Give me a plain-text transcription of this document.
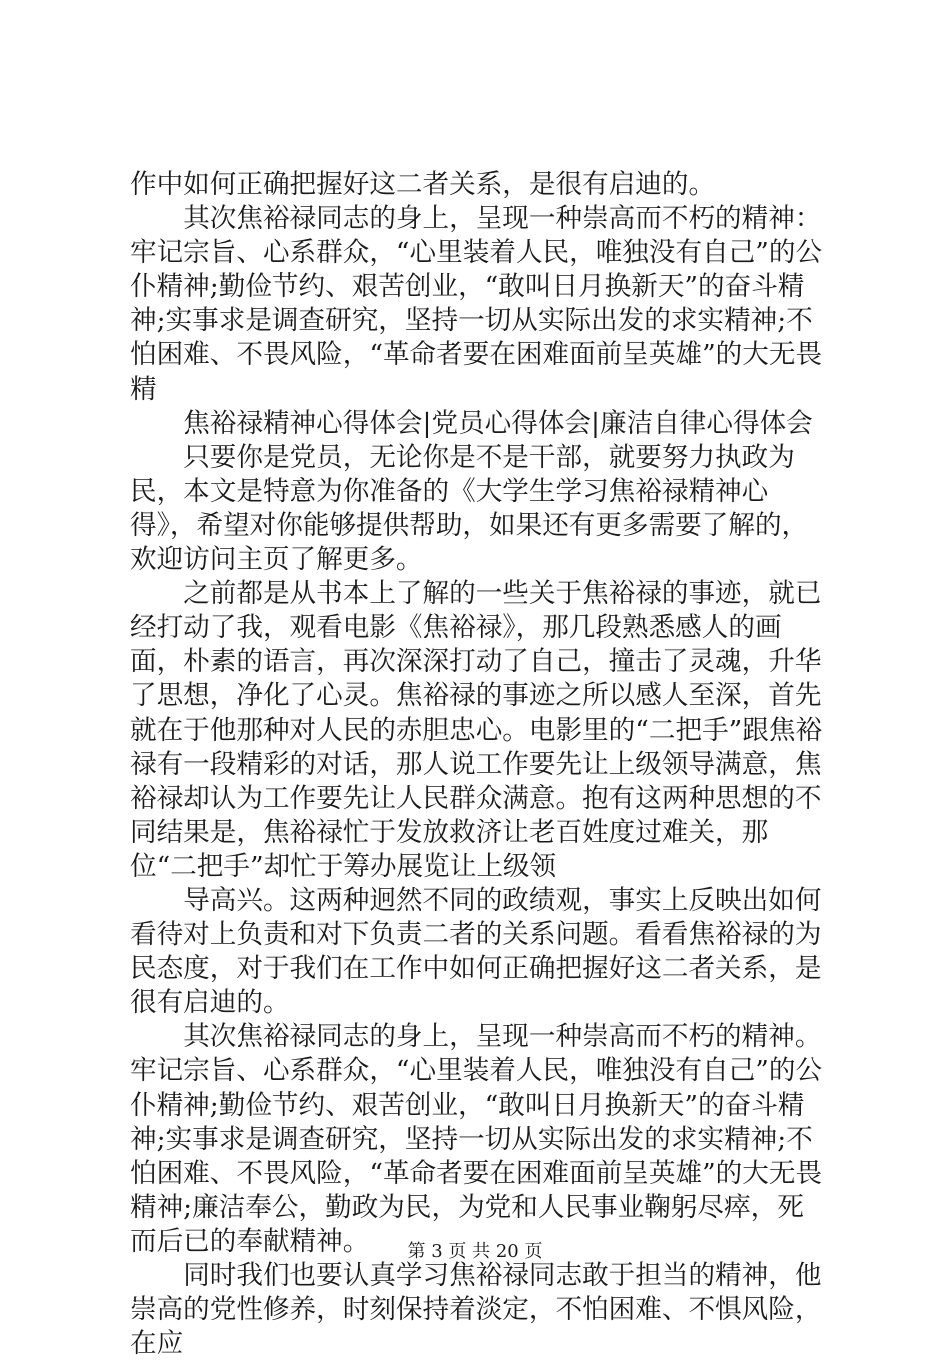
作中如何正确把握好这二者关系，是很有启迪的。

其次焦裕禄同志的身上，呈现一种崇高而不朽的精神：牢记宗旨、心系群众，“心里装着人民，唯独没有自己”的公仆精神;勤俭节约、艰苦创业，“敢叫日月换新天”的奋斗精神;实事求是调查研究，坚持一切从实际出发的求实精神;不怕困难、不畏风险，“革命者要在困难面前呈英雄”的大无畏精

焦裕禄精神心得体会|党员心得体会|廉洁自律心得体会

只要你是党员，无论你是不是干部，就要努力执政为民，本文是特意为你准备的《大学生学习焦裕禄精神心得》，希望对你能够提供帮助，如果还有更多需要了解的，欢迎访问主页了解更多。

之前都是从书本上了解的一些关于焦裕禄的事迹，就已经打动了我，观看电影《焦裕禄》，那几段熟悉感人的画面，朴素的语言，再次深深打动了自己，撞击了灵魂，升华了思想，净化了心灵。焦裕禄的事迹之所以感人至深，首先就在于他那种对人民的赤胆忠心。电影里的“二把手”跟焦裕禄有一段精彩的对话，那人说工作要先让上级领导满意，焦裕禄却认为工作要先让人民群众满意。抱有这两种思想的不同结果是，焦裕禄忙于发放救济让老百姓度过难关，那位“二把手”却忙于筹办展览让上级领

导高兴。这两种迥然不同的政绩观，事实上反映出如何看待对上负责和对下负责二者的关系问题。看看焦裕禄的为民态度，对于我们在工作中如何正确把握好这二者关系，是很有启迪的。

其次焦裕禄同志的身上，呈现一种崇高而不朽的精神。牢记宗旨、心系群众，“心里装着人民，唯独没有自己”的公仆精神;勤俭节约、艰苦创业，“敢叫日月换新天”的奋斗精神;实事求是调查研究，坚持一切从实际出发的求实精神;不怕困难、不畏风险，“革命者要在困难面前呈英雄”的大无畏精神;廉洁奉公，勤政为民，为党和人民事业鞠躬尽瘁，死而后已的奉献精神。

同时我们也要认真学习焦裕禄同志敢于担当的精神，他崇高的党性修养，时刻保持着淡定，不怕困难、不惧风险，在应

第 3 页 共 20 页
